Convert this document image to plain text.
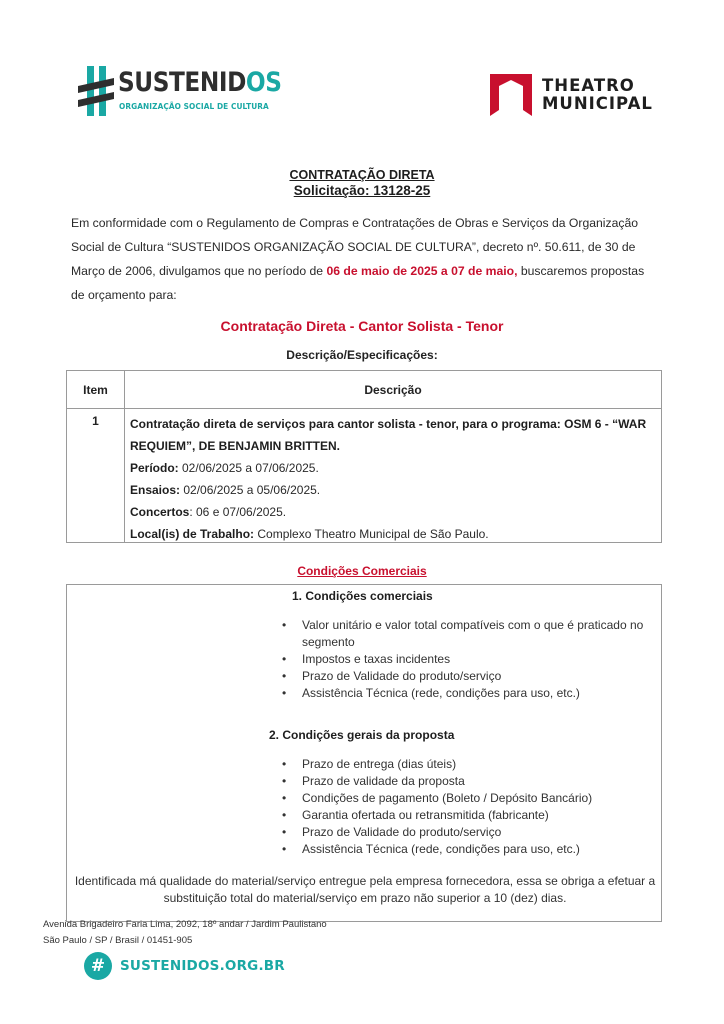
SUSTENIDOS
ORGANIZAÇÃO SOCIAL DE CULTURA
THEATRO
MUNICIPAL
CONTRATAÇÃO DIRETA
Solicitação: 13128-25

Em conformidade com o Regulamento de Compras e Contratações de Obras e Serviços da Organização Social de Cultura “SUSTENIDOS ORGANIZAÇÃO SOCIAL DE CULTURA”, decreto nº. 50.611, de 30 de Março de 2006, divulgamos que no período de 06 de maio de 2025 a 07 de maio, buscaremos propostas de orçamento para:

Contratação Direta - Cantor Solista - Tenor
Descrição/Especificações:
Item	Descrição
1	Contratação direta de serviços para cantor solista - tenor, para o programa: OSM 6 - “WAR REQUIEM”, DE BENJAMIN BRITTEN.
Período: 02/06/2025 a 07/06/2025.
Ensaios: 02/06/2025 a 05/06/2025.
Concertos: 06 e 07/06/2025.
Local(is) de Trabalho: Complexo Theatro Municipal de São Paulo.
Condições Comerciais
1. Condições comerciais
• Valor unitário e valor total compatíveis com o que é praticado no segmento
• Impostos e taxas incidentes
• Prazo de Validade do produto/serviço
• Assistência Técnica (rede, condições para uso, etc.)
2. Condições gerais da proposta
• Prazo de entrega (dias úteis)
• Prazo de validade da proposta
• Condições de pagamento (Boleto / Depósito Bancário)
• Garantia ofertada ou retransmitida (fabricante)
• Prazo de Validade do produto/serviço
• Assistência Técnica (rede, condições para uso, etc.)
Identificada má qualidade do material/serviço entregue pela empresa fornecedora, essa se obriga a efetuar a substituição total do material/serviço em prazo não superior a 10 (dez) dias.
Avenida Brigadeiro Faria Lima, 2092, 18º andar / Jardim Paulistano
São Paulo / SP / Brasil / 01451-905
#	SUSTENIDOS.ORG.BR
